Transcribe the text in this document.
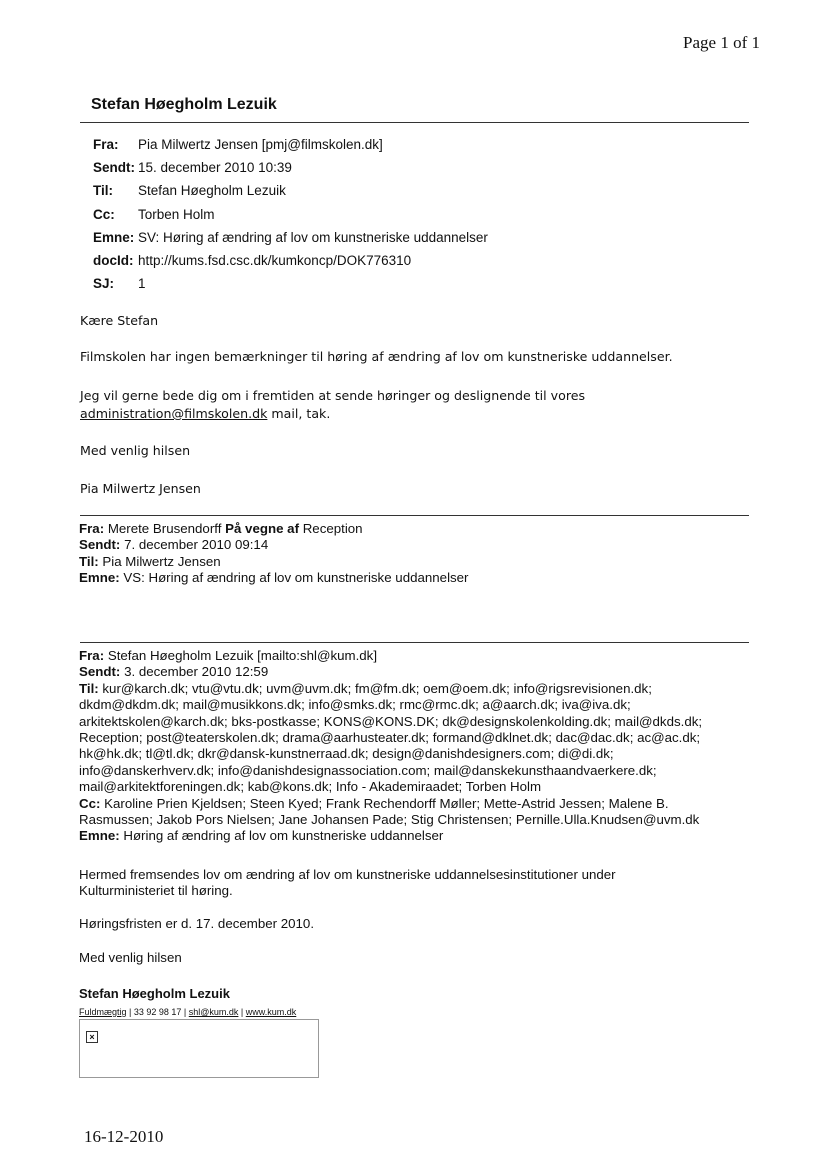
Page 1 of 1
Stefan Høegholm Lezuik
Fra:	Pia Milwertz Jensen [pmj@filmskolen.dk]
Sendt:	15. december 2010 10:39
Til:	Stefan Høegholm Lezuik
Cc:	Torben Holm
Emne:	SV: Høring af ændring af lov om kunstneriske uddannelser
docId:	http://kums.fsd.csc.dk/kumkoncp/DOK776310
SJ:	1
Kære Stefan
Filmskolen har ingen bemærkninger til høring af ændring af lov om kunstneriske uddannelser.
Jeg vil gerne bede dig om i fremtiden at sende høringer og deslignende til vores
administration@filmskolen.dk mail, tak.
Med venlig hilsen
Pia Milwertz Jensen
Fra: Merete Brusendorff På vegne af Reception
Sendt: 7. december 2010 09:14
Til: Pia Milwertz Jensen
Emne: VS: Høring af ændring af lov om kunstneriske uddannelser
Fra: Stefan Høegholm Lezuik [mailto:shl@kum.dk]
Sendt: 3. december 2010 12:59
Til: kur@karch.dk; vtu@vtu.dk; uvm@uvm.dk; fm@fm.dk; oem@oem.dk; info@rigsrevisionen.dk;
dkdm@dkdm.dk; mail@musikkons.dk; info@smks.dk; rmc@rmc.dk; a@aarch.dk; iva@iva.dk;
arkitektskolen@karch.dk; bks-postkasse; KONS@KONS.DK; dk@designskolenkolding.dk; mail@dkds.dk;
Reception; post@teaterskolen.dk; drama@aarhusteater.dk; formand@dklnet.dk; dac@dac.dk; ac@ac.dk;
hk@hk.dk; tl@tl.dk; dkr@dansk-kunstnerraad.dk; design@danishdesigners.com; di@di.dk;
info@danskerhverv.dk; info@danishdesignassociation.com; mail@danskekunsthaandvaerkere.dk;
mail@arkitektforeningen.dk; kab@kons.dk; Info - Akademiraadet; Torben Holm
Cc: Karoline Prien Kjeldsen; Steen Kyed; Frank Rechendorff Møller; Mette-Astrid Jessen; Malene B.
Rasmussen; Jakob Pors Nielsen; Jane Johansen Pade; Stig Christensen; Pernille.Ulla.Knudsen@uvm.dk
Emne: Høring af ændring af lov om kunstneriske uddannelser
Hermed fremsendes lov om ændring af lov om kunstneriske uddannelsesinstitutioner under
Kulturministeriet til høring.
Høringsfristen er d. 17. december 2010.
Med venlig hilsen
Stefan Høegholm Lezuik
Fuldmægtig | 33 92 98 17 | shl@kum.dk | www.kum.dk
×
16-12-2010
